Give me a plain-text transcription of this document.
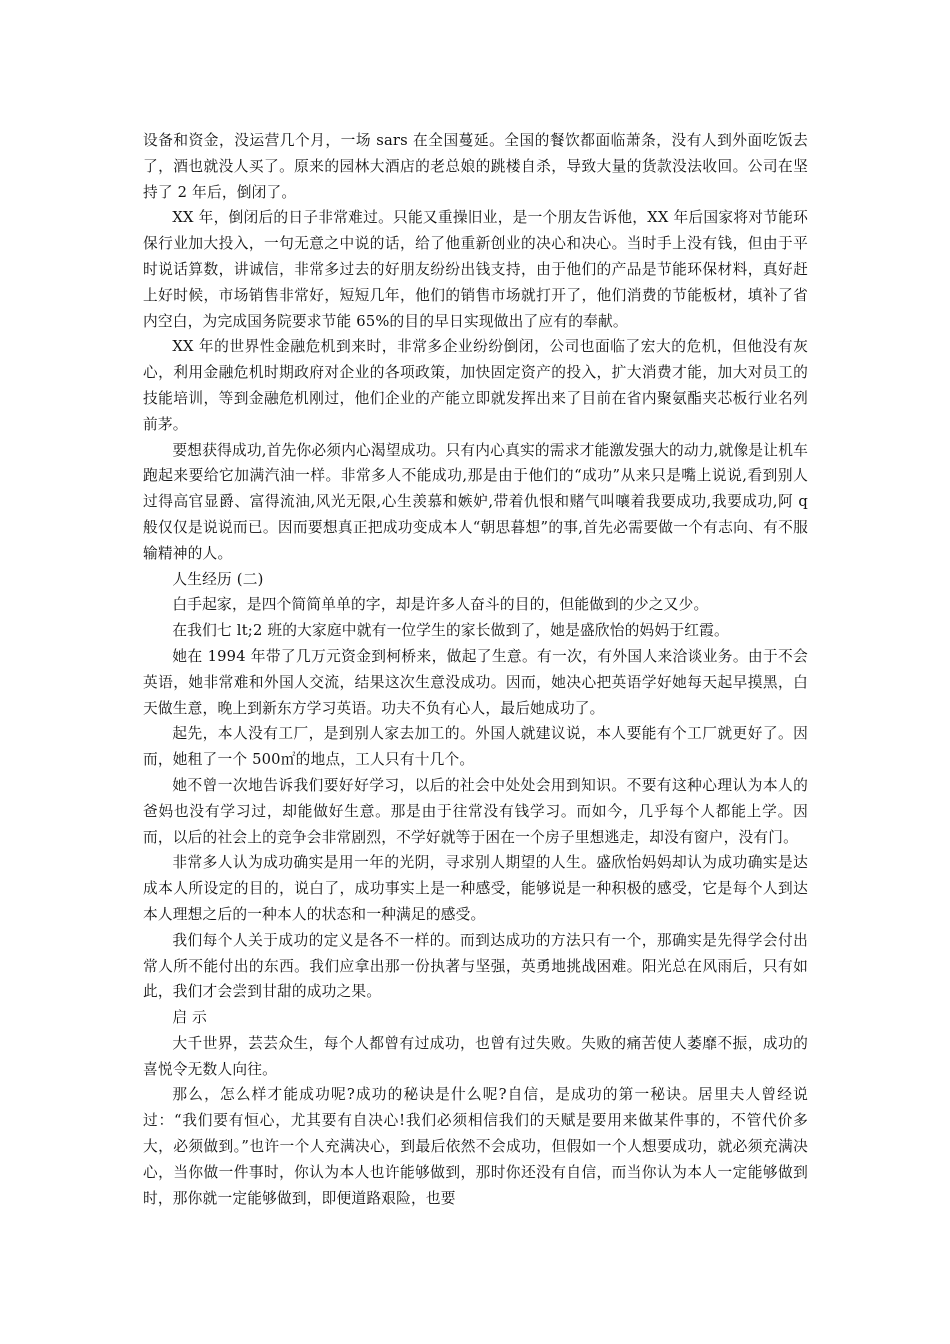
设备和资金，没运营几个月，一场 sars 在全国蔓延。全国的餐饮都面临萧条，没有人到外面吃饭去了，酒也就没人买了。原来的园林大酒店的老总娘的跳楼自杀，导致大量的货款没法收回。公司在坚持了 2 年后，倒闭了。

XX 年，倒闭后的日子非常难过。只能又重操旧业，是一个朋友告诉他，XX 年后国家将对节能环保行业加大投入，一句无意之中说的话，给了他重新创业的决心和决心。当时手上没有钱，但由于平时说话算数，讲诚信，非常多过去的好朋友纷纷出钱支持，由于他们的产品是节能环保材料，真好赶上好时候，市场销售非常好，短短几年，他们的销售市场就打开了，他们消费的节能板材，填补了省内空白，为完成国务院要求节能 65%的目的早日实现做出了应有的奉献。

XX 年的世界性金融危机到来时，非常多企业纷纷倒闭，公司也面临了宏大的危机，但他没有灰心，利用金融危机时期政府对企业的各项政策，加快固定资产的投入，扩大消费才能，加大对员工的技能培训，等到金融危机刚过，他们企业的产能立即就发挥出来了目前在省内聚氨酯夹芯板行业名列前茅。

要想获得成功,首先你必须内心渴望成功。只有内心真实的需求才能激发强大的动力,就像是让机车跑起来要给它加满汽油一样。非常多人不能成功,那是由于他们的“成功”从来只是嘴上说说,看到别人过得高官显爵、富得流油,风光无限,心生羡慕和嫉妒,带着仇恨和赌气叫嚷着我要成功,我要成功,阿 q 般仅仅是说说而已。因而要想真正把成功变成本人“朝思暮想”的事,首先必需要做一个有志向、有不服输精神的人。

人生经历 (二)

白手起家，是四个简简单单的字，却是许多人奋斗的目的，但能做到的少之又少。

在我们七 lt;2 班的大家庭中就有一位学生的家长做到了，她是盛欣怡的妈妈于红霞。

她在 1994 年带了几万元资金到柯桥来，做起了生意。有一次，有外国人来洽谈业务。由于不会英语，她非常难和外国人交流，结果这次生意没成功。因而，她决心把英语学好她每天起早摸黑，白天做生意，晚上到新东方学习英语。功夫不负有心人，最后她成功了。

起先，本人没有工厂，是到别人家去加工的。外国人就建议说，本人要能有个工厂就更好了。因而，她租了一个 500㎡的地点，工人只有十几个。

她不曾一次地告诉我们要好好学习，以后的社会中处处会用到知识。不要有这种心理认为本人的爸妈也没有学习过，却能做好生意。那是由于往常没有钱学习。而如今，几乎每个人都能上学。因而，以后的社会上的竞争会非常剧烈，不学好就等于困在一个房子里想逃走，却没有窗户，没有门。

非常多人认为成功确实是用一年的光阴，寻求别人期望的人生。盛欣怡妈妈却认为成功确实是达成本人所设定的目的，说白了，成功事实上是一种感受，能够说是一种积极的感受，它是每个人到达本人理想之后的一种本人的状态和一种满足的感受。

我们每个人关于成功的定义是各不一样的。而到达成功的方法只有一个，那确实是先得学会付出常人所不能付出的东西。我们应拿出那一份执著与坚强，英勇地挑战困难。阳光总在风雨后，只有如此，我们才会尝到甘甜的成功之果。

启 示

大千世界，芸芸众生，每个人都曾有过成功，也曾有过失败。失败的痛苦使人萎靡不振，成功的喜悦令无数人向往。

那么，怎么样才能成功呢?成功的秘诀是什么呢?自信，是成功的第一秘诀。居里夫人曾经说过：“我们要有恒心，尤其要有自决心!我们必须相信我们的天赋是要用来做某件事的，不管代价多大，必须做到。”也许一个人充满决心，到最后依然不会成功，但假如一个人想要成功，就必须充满决心，当你做一件事时，你认为本人也许能够做到，那时你还没有自信，而当你认为本人一定能够做到时，那你就一定能够做到，即便道路艰险，也要
